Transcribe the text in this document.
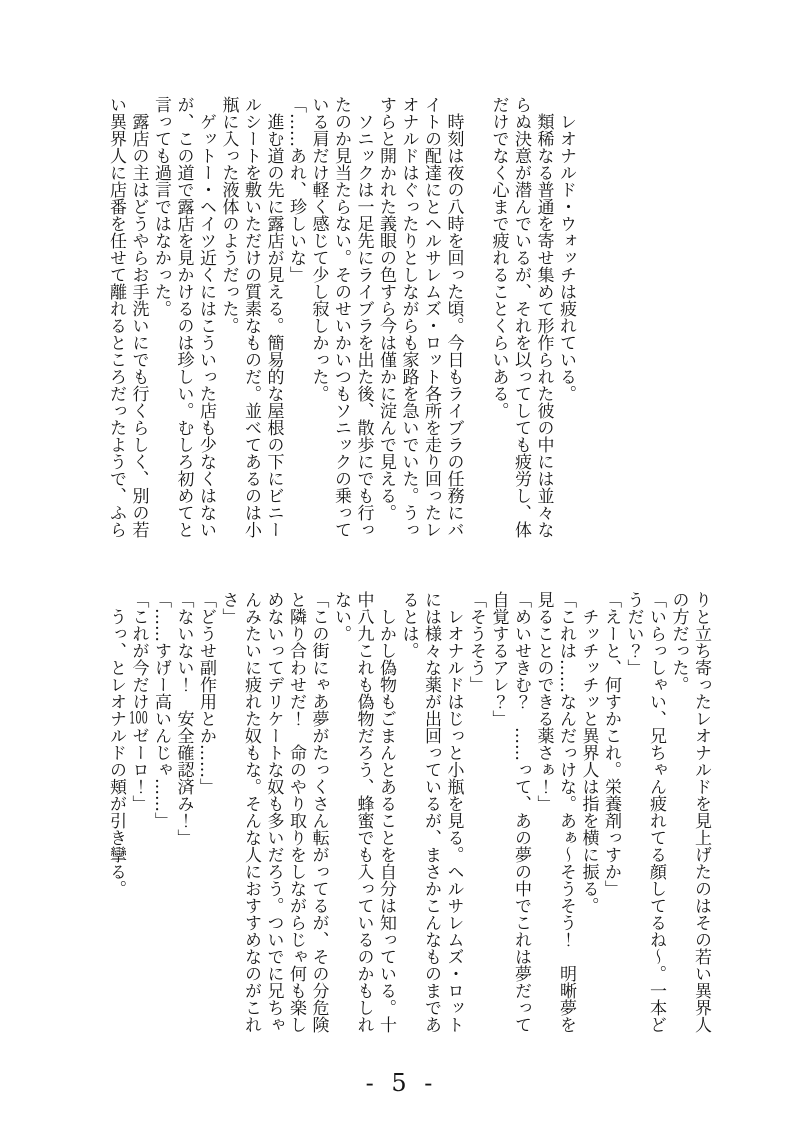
レオナルド・ウォッチは疲れている。
類稀なる普通を寄せ集めて形作られた彼の中には並々な
らぬ決意が潜んでいるが、それを以ってしても疲労し、体
だけでなく心まで疲れることくらいある。
時刻は夜の八時を回った頃。今日もライブラの任務にバ
イトの配達にとヘルサレムズ・ロット各所を走り回ったレ
オナルドはぐったりとしながらも家路を急いでいた。うっ
すらと開かれた義眼の色すら今は僅かに淀んで見える。
ソニックは一足先にライブラを出た後、散歩にでも行っ
たのか見当たらない。そのせいかいつもソニックの乗って
いる肩だけ軽く感じて少し寂しかった。
「……あれ、珍しいな」
進む道の先に露店が見える。簡易的な屋根の下にビニー
ルシートを敷いただけの質素なものだ。並べてあるのは小
瓶に入った液体のようだった。
ゲットー・ヘイツ近くにはこういった店も少なくはない
が、この道で露店を見かけるのは珍しい。むしろ初めてと
言っても過言ではなかった。
露店の主はどうやらお手洗いにでも行くらしく、別の若
い異界人に店番を任せて離れるところだったようで、ふら
りと立ち寄ったレオナルドを見上げたのはその若い異界人
の方だった。
「いらっしゃい、兄ちゃん疲れてる顔してるね〜。一本ど
うだい？」
「えーと、何すかこれ。栄養剤っすか」
チッチッチッと異界人は指を横に振る。
「これは……なんだっけな。あぁ〜そうそう！　明晰夢を
見ることのできる薬さぁ！」
「めいせきむ？　……って、あの夢の中でこれは夢だって
自覚するアレ？」
「そうそう」
レオナルドはじっと小瓶を見る。ヘルサレムズ・ロット
には様々な薬が出回っているが、まさかこんなものまであ
るとは。
しかし偽物もごまんとあることを自分は知っている。十
中八九これも偽物だろう、蜂蜜でも入っているのかもしれ
ない。
「この街にゃあ夢がたっくさん転がってるが、その分危険
と隣り合わせだ！　命のやり取りをしながらじゃ何も楽し
めないってデリケートな奴も多いだろう。ついでに兄ちゃ
んみたいに疲れた奴もな。そんな人におすすめなのがこれ
さ」
「どうせ副作用とか……」
「ないない！　安全確認済み！」
「……すげー高いんじゃ……」
「これが今だけ100ゼーロ！」
うっ、とレオナルドの頬が引き攣る。
- 5 -
